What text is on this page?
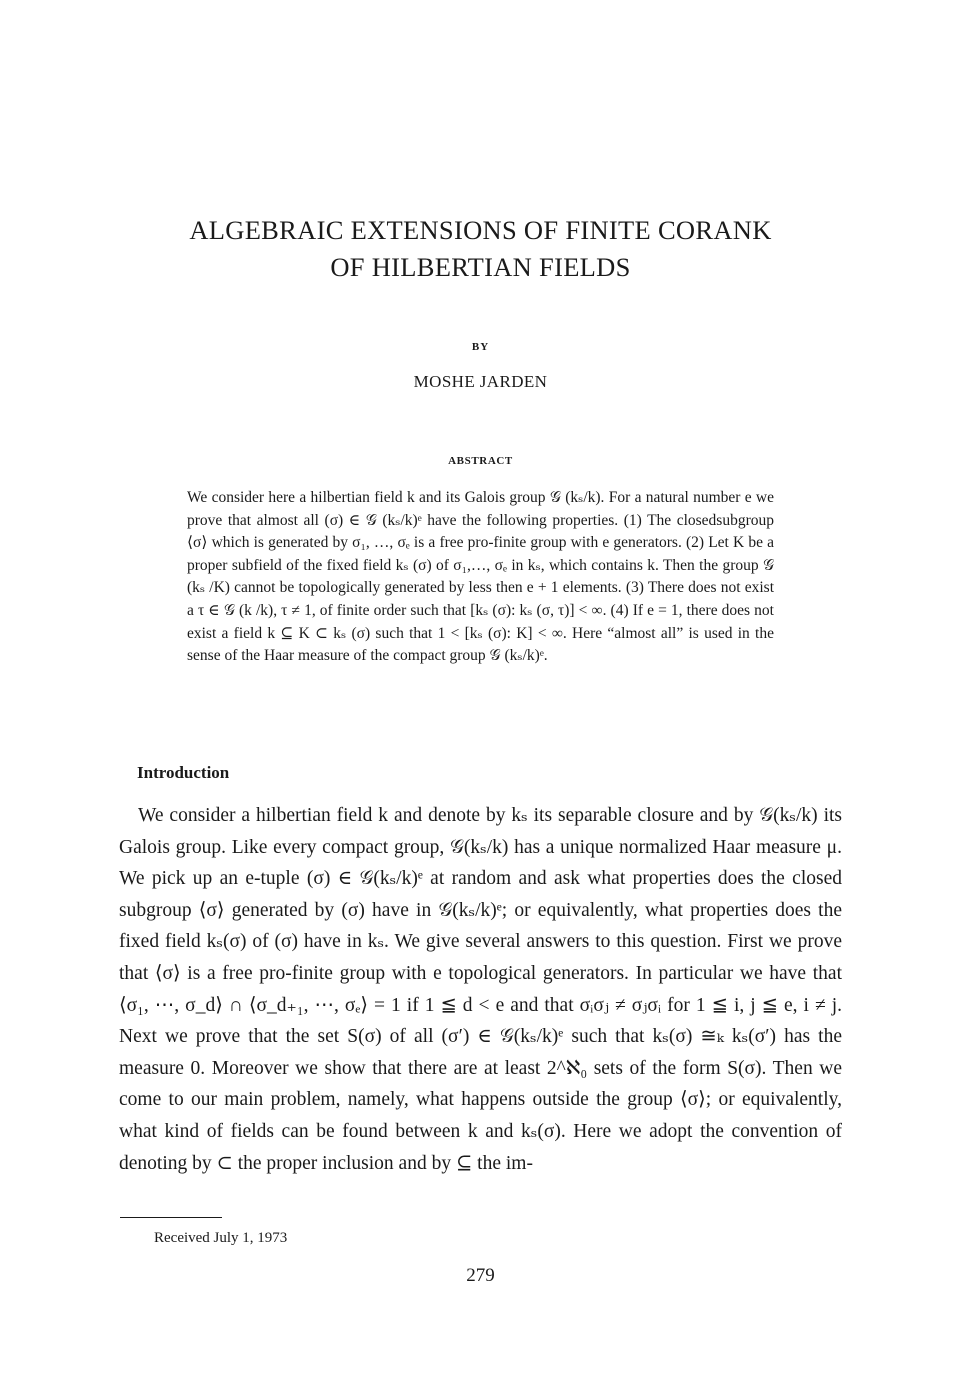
ALGEBRAIC EXTENSIONS OF FINITE CORANK
OF HILBERTIAN FIELDS
BY
MOSHE JARDEN
ABSTRACT
We consider here a hilbertian field k and its Galois group 𝒢 (kₛ/k). For a natural number e we prove that almost all (σ) ∈ 𝒢 (kₛ/k)ᵉ have the following properties. (1) The closedsubgroup ⟨σ⟩ which is generated by σ₁, …, σₑ is a free pro-finite group with e generators. (2) Let K be a proper subfield of the fixed field kₛ (σ) of σ₁,…, σₑ in kₛ, which contains k. Then the group 𝒢 (kₛ /K) cannot be topologically generated by less then e + 1 elements. (3) There does not exist a τ ∈ 𝒢 (k /k), τ ≠ 1, of finite order such that [kₛ (σ): kₛ (σ, τ)] < ∞. (4) If e = 1, there does not exist a field k ⊆ K ⊂ kₛ (σ) such that 1 < [kₛ (σ): K] < ∞. Here “almost all” is used in the sense of the Haar measure of the compact group 𝒢 (kₛ/k)ᵉ.
Introduction
We consider a hilbertian field k and denote by kₛ its separable closure and by 𝒢(kₛ/k) its Galois group. Like every compact group, 𝒢(kₛ/k) has a unique normalized Haar measure μ. We pick up an e-tuple (σ) ∈ 𝒢(kₛ/k)ᵉ at random and ask what properties does the closed subgroup ⟨σ⟩ generated by (σ) have in 𝒢(kₛ/k)ᵉ; or equivalently, what properties does the fixed field kₛ(σ) of (σ) have in kₛ. We give several answers to this question. First we prove that ⟨σ⟩ is a free pro-finite group with e topological generators. In particular we have that ⟨σ₁, ⋯, σ_d⟩ ∩ ⟨σ_d₊₁, ⋯, σₑ⟩ = 1 if 1 ≦ d < e and that σᵢσⱼ ≠ σⱼσᵢ for 1 ≦ i, j ≦ e, i ≠ j. Next we prove that the set S(σ) of all (σ′) ∈ 𝒢(kₛ/k)ᵉ such that kₛ(σ) ≅ₖ kₛ(σ′) has the measure 0. Moreover we show that there are at least 2^ℵ₀ sets of the form S(σ). Then we come to our main problem, namely, what happens outside the group ⟨σ⟩; or equivalently, what kind of fields can be found between k and kₛ(σ). Here we adopt the convention of denoting by ⊂ the proper inclusion and by ⊆ the im-
Received July 1, 1973
279
